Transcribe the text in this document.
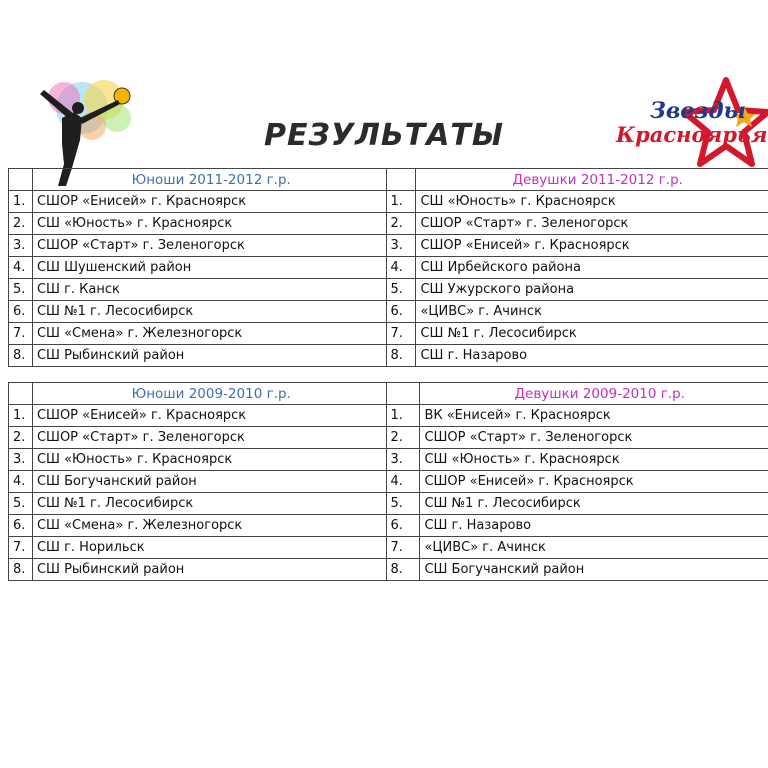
РЕЗУЛЬТАТЫ
Звезды
Красноярья
	Юноши 2011-2012 г.р.		Девушки 2011-2012 г.р.
1.	СШОР «Енисей» г. Красноярск	1.	СШ «Юность» г. Красноярск
2.	СШ «Юность» г. Красноярск	2.	СШОР «Старт» г. Зеленогорск
3.	СШОР «Старт» г. Зеленогорск	3.	СШОР «Енисей» г. Красноярск
4.	СШ Шушенский район	4.	СШ Ирбейского района
5.	СШ г. Канск	5.	СШ Ужурского района
6.	СШ №1 г. Лесосибирск	6.	«ЦИВС» г. Ачинск
7.	СШ «Смена» г. Железногорск	7.	СШ №1 г. Лесосибирск
8.	СШ Рыбинский район	8.	СШ г. Назарово
	Юноши 2009-2010 г.р.		Девушки 2009-2010 г.р.
1.	СШОР «Енисей» г. Красноярск	1.	ВК «Енисей» г. Красноярск
2.	СШОР «Старт» г. Зеленогорск	2.	СШОР «Старт» г. Зеленогорск
3.	СШ «Юность» г. Красноярск	3.	СШ «Юность» г. Красноярск
4.	СШ Богучанский район	4.	СШОР «Енисей» г. Красноярск
5.	СШ №1 г. Лесосибирск	5.	СШ №1 г. Лесосибирск
6.	СШ «Смена» г. Железногорск	6.	СШ г. Назарово
7.	СШ г. Норильск	7.	«ЦИВС» г. Ачинск
8.	СШ Рыбинский район	8.	СШ Богучанский район
